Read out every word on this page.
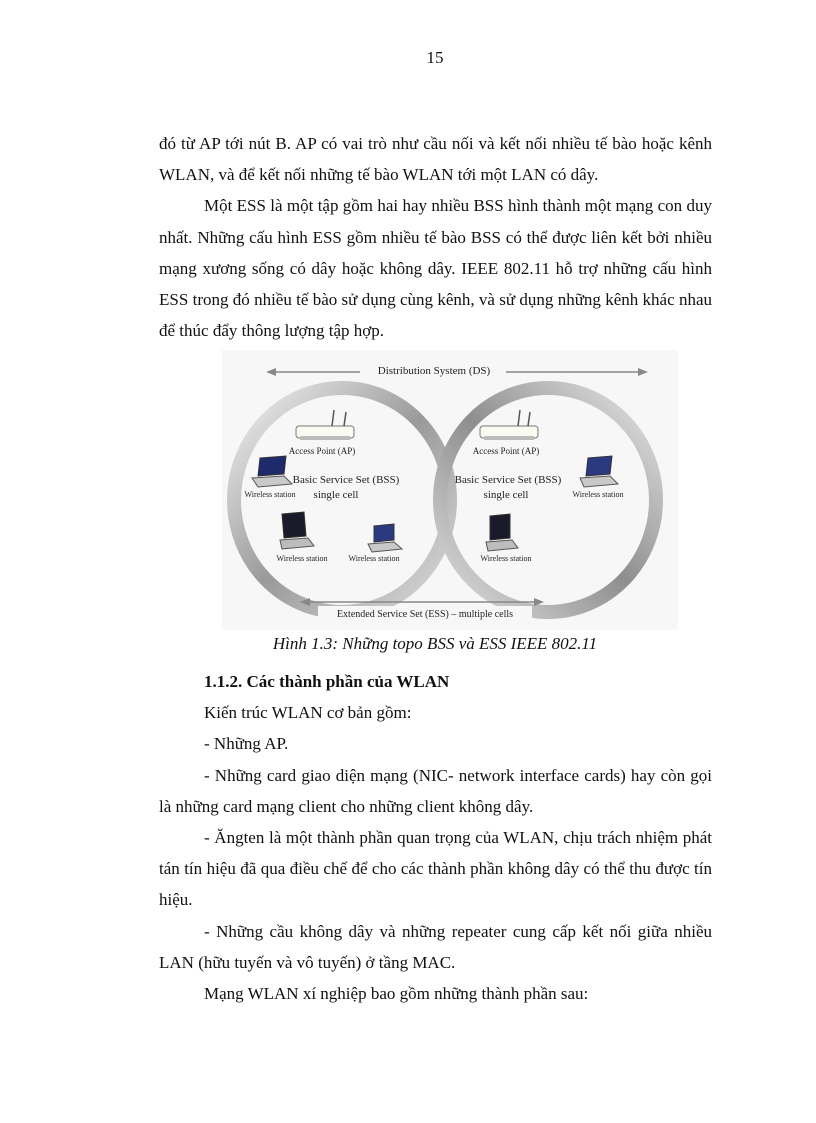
15

đó từ AP tới nút B. AP có vai trò như cầu nối và kết nối nhiều tế bào hoặc kênh WLAN, và để kết nối những tế bào WLAN tới một LAN có dây.

Một ESS là một tập gồm hai hay nhiều BSS hình thành một mạng con duy nhất. Những cấu hình ESS gồm nhiều tế bào BSS có thể được liên kết bởi nhiều mạng xương sống có dây hoặc không dây. IEEE 802.11 hỗ trợ những cấu hình ESS trong đó nhiều tế bào sử dụng cùng kênh, và sử dụng những kênh khác nhau để thúc đẩy thông lượng tập hợp.

Distribution System (DS)
Access Point (AP)	Access Point (AP)
Basic Service Set (BSS)
single cell
Basic Service Set (BSS)
single cell
Wireless station
Wireless station	Wireless station	Wireless station
Wireless station
Extended Service Set (ESS) – multiple cells
Hình 1.3: Những topo BSS và ESS IEEE 802.11

1.1.2. Các thành phần của WLAN

Kiến trúc WLAN cơ bản gồm:

- Những AP.

- Những card giao diện mạng (NIC- network interface cards) hay còn gọi là những card mạng client cho những client không dây.

- Ăngten là một thành phần quan trọng của WLAN, chịu trách nhiệm phát tán tín hiệu đã qua điều chế để cho các thành phần không dây có thể thu được tín hiệu.

- Những cầu không dây và những repeater cung cấp kết nối giữa nhiều LAN (hữu tuyến và vô tuyến) ở tầng MAC.

Mạng WLAN xí nghiệp bao gồm những thành phần sau:
